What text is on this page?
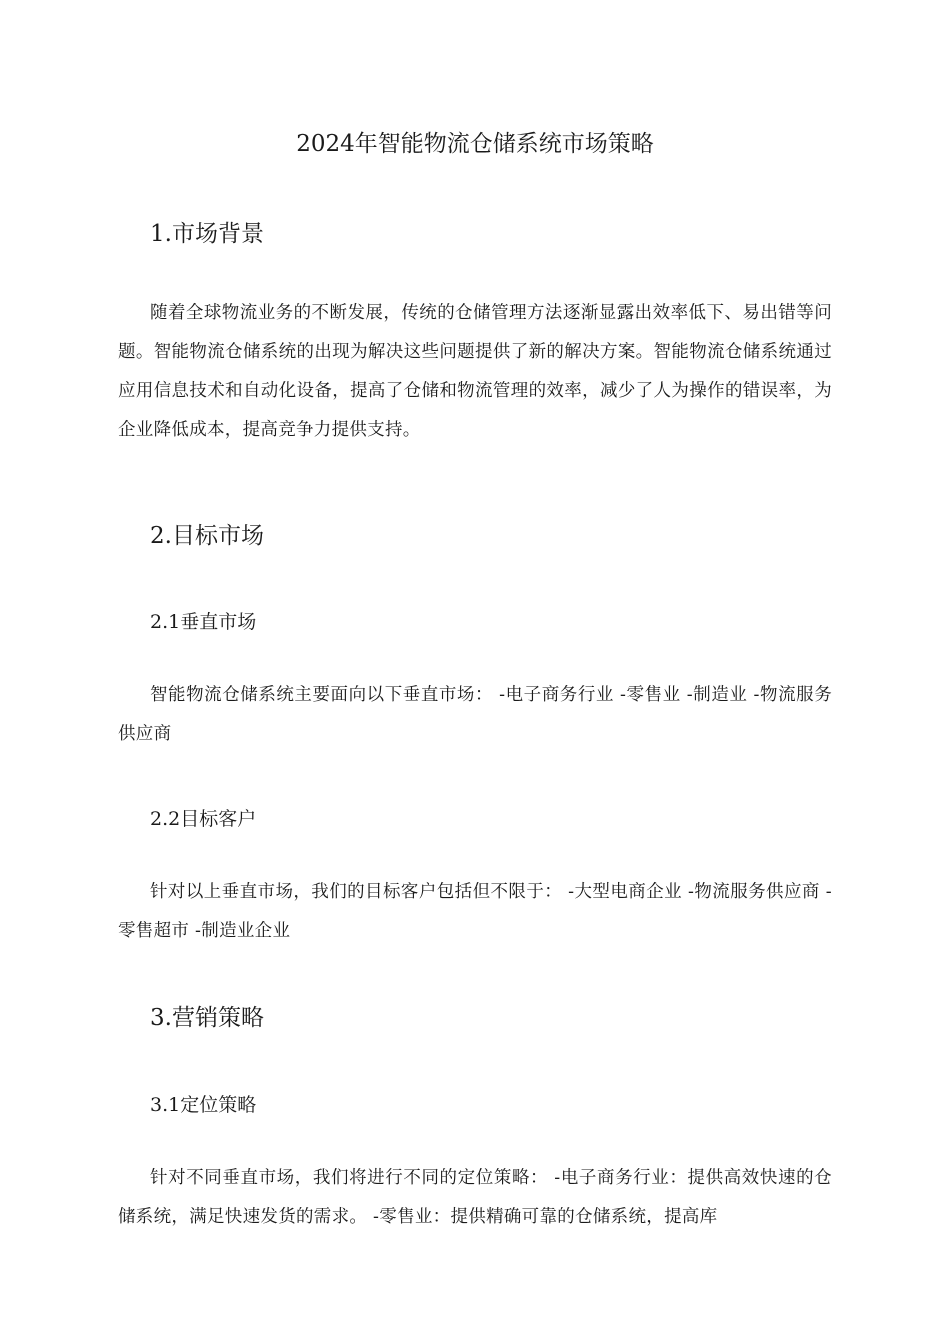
2024年智能物流仓储系统市场策略
1.市场背景
随着全球物流业务的不断发展，传统的仓储管理方法逐渐显露出效率低下、易出错等问题。智能物流仓储系统的出现为解决这些问题提供了新的解决方案。智能物流仓储系统通过应用信息技术和自动化设备，提高了仓储和物流管理的效率，减少了人为操作的错误率，为企业降低成本，提高竞争力提供支持。
2.目标市场
2.1垂直市场
智能物流仓储系统主要面向以下垂直市场： -电子商务行业 -零售业 -制造业 -物流服务供应商
2.2目标客户
针对以上垂直市场，我们的目标客户包括但不限于： -大型电商企业 -物流服务供应商 -零售超市 -制造业企业
3.营销策略
3.1定位策略
针对不同垂直市场，我们将进行不同的定位策略： -电子商务行业：提供高效快速的仓储系统，满足快速发货的需求。 -零售业：提供精确可靠的仓储系统，提高库
